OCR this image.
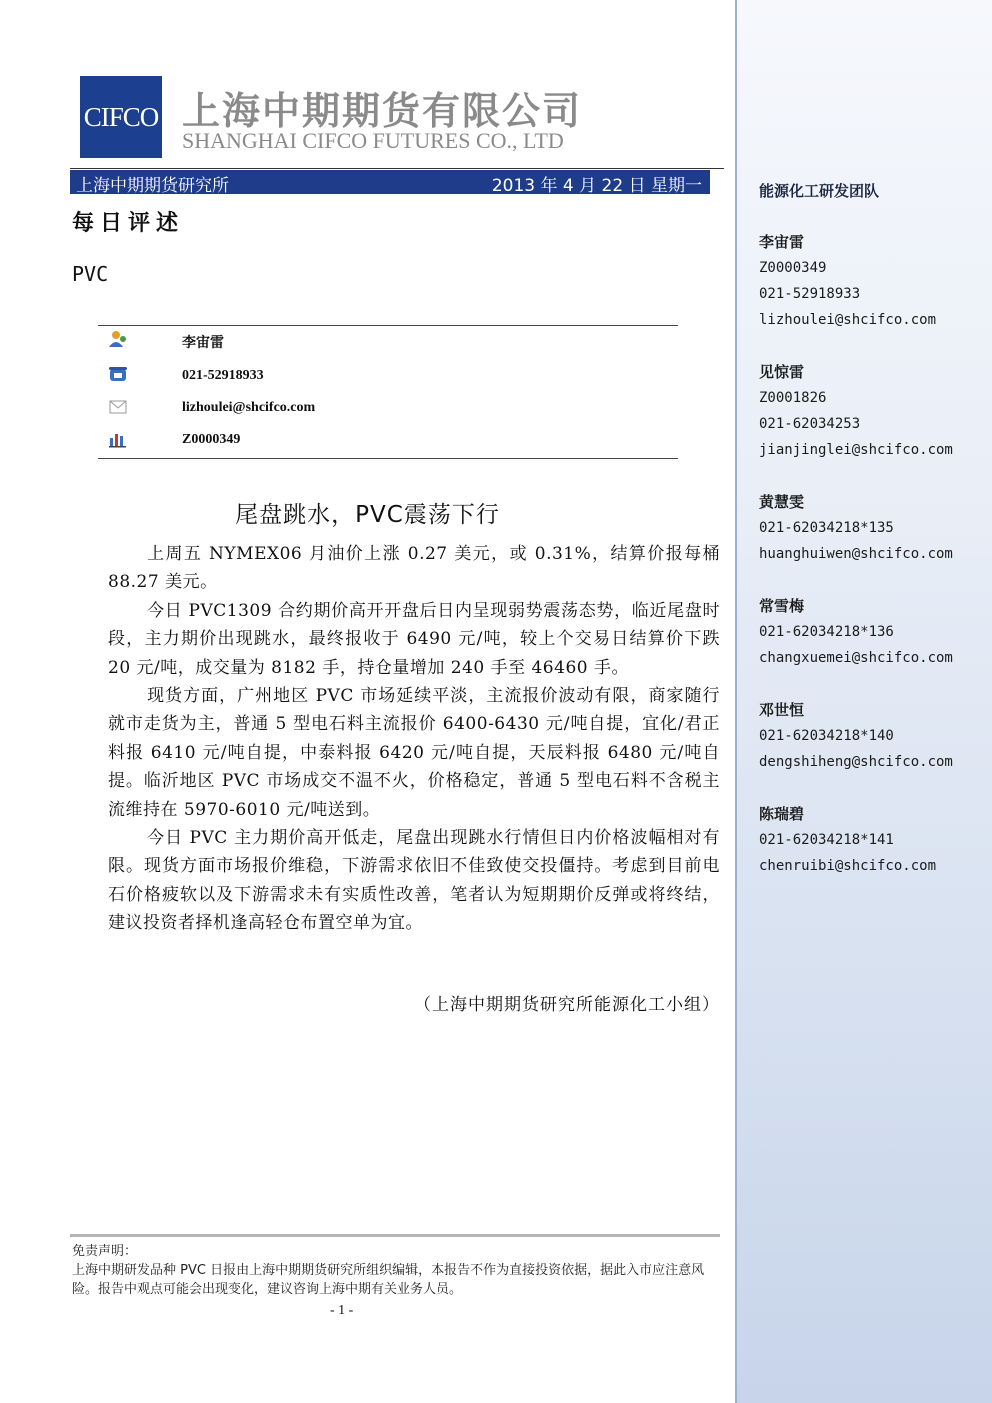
CIFCO 上海中期期货有限公司
SHANGHAI CIFCO FUTURES CO., LTD
上海中期期货研究所	2013 年 4 月 22 日 星期一
每日评述
PVC
李宙雷
021-52918933
lizhoulei@shcifco.com
Z0000349
尾盘跳水，PVC震荡下行

上周五 NYMEX06 月油价上涨 0.27 美元，或 0.31%，结算价报每桶 88.27 美元。

今日 PVC1309 合约期价高开开盘后日内呈现弱势震荡态势，临近尾盘时段，主力期价出现跳水，最终报收于 6490 元/吨，较上个交易日结算价下跌 20 元/吨，成交量为 8182 手，持仓量增加 240 手至 46460 手。

现货方面，广州地区 PVC 市场延续平淡，主流报价波动有限，商家随行就市走货为主，普通 5 型电石料主流报价 6400-6430 元/吨自提，宜化/君正料报 6410 元/吨自提，中泰料报 6420 元/吨自提，天辰料报 6480 元/吨自提。临沂地区 PVC 市场成交不温不火，价格稳定，普通 5 型电石料不含税主流维持在 5970-6010 元/吨送到。

今日 PVC 主力期价高开低走，尾盘出现跳水行情但日内价格波幅相对有限。现货方面市场报价维稳，下游需求依旧不佳致使交投僵持。考虑到目前电石价格疲软以及下游需求未有实质性改善，笔者认为短期期价反弹或将终结，建议投资者择机逢高轻仓布置空单为宜。

（上海中期期货研究所能源化工小组）
免责声明：
上海中期研发品种 PVC 日报由上海中期期货研究所组织编辑，本报告不作为直接投资依据，据此入市应注意风险。报告中观点可能会出现变化，建议咨询上海中期有关业务人员。
- 1 -
能源化工研发团队
李宙雷
Z0000349
021-52918933
lizhoulei@shcifco.com
见惊雷
Z0001826
021-62034253
jianjinglei@shcifco.com
黄慧雯
021-62034218*135
huanghuiwen@shcifco.com
常雪梅
021-62034218*136
changxuemei@shcifco.com
邓世恒
021-62034218*140
dengshiheng@shcifco.com
陈瑞碧
021-62034218*141
chenruibi@shcifco.com
